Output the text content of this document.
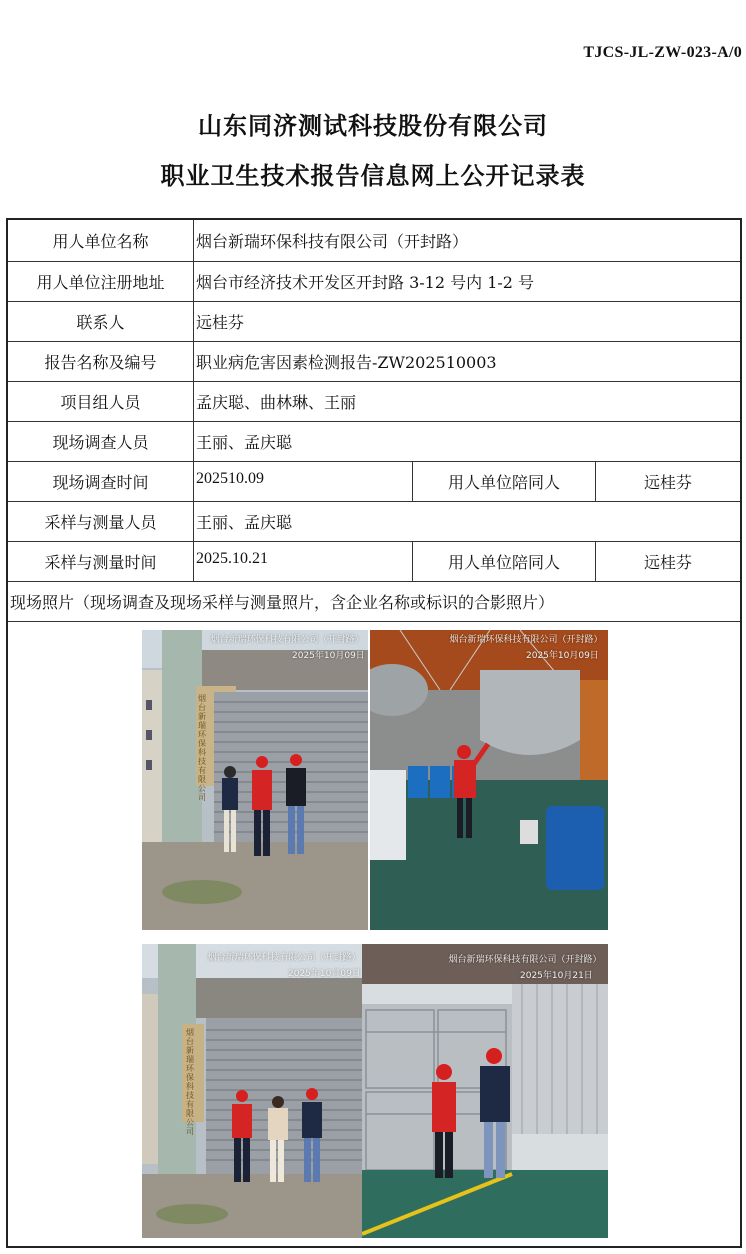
TJCS-JL-ZW-023-A/0
山东同济测试科技股份有限公司
职业卫生技术报告信息网上公开记录表
用人单位名称	烟台新瑞环保科技有限公司（开封路）
用人单位注册地址	烟台市经济技术开发区开封路 3-12 号内 1-2 号
联系人	远桂芬
报告名称及编号	职业病危害因素检测报告-ZW202510003
项目组人员	孟庆聪、曲林琳、王丽
现场调查人员	王丽、孟庆聪
现场调查时间	202510.09	用人单位陪同人	远桂芬
采样与测量人员	王丽、孟庆聪
采样与测量时间	2025.10.21	用人单位陪同人	远桂芬
现场照片（现场调查及现场采样与测量照片，含企业名称或标识的合影照片）
烟台新瑞环保科技有限公司（开封路）
2025年10月09日
烟台新瑞环保科技有限公司
烟台新瑞环保科技有限公司（开封路）
2025年10月09日
烟台新瑞环保科技有限公司（开封路）
2025年10月09日
烟台新瑞环保科技有限公司
烟台新瑞环保科技有限公司（开封路）
2025年10月21日
